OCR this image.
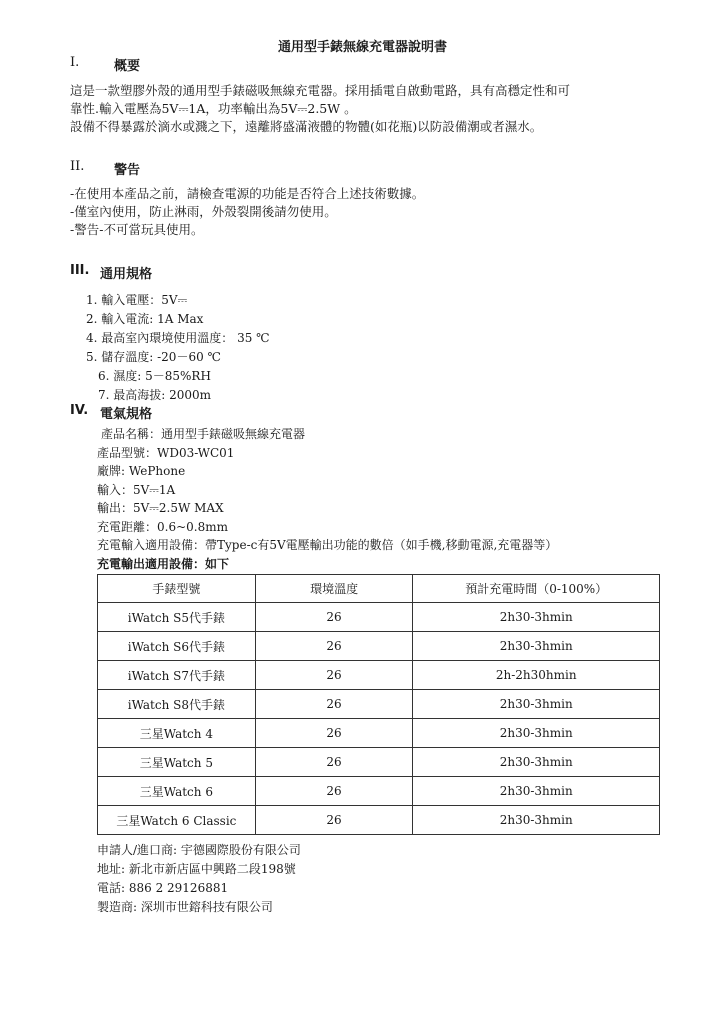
通用型手錶無線充電器說明書
I.	概要
這是一款塑膠外殼的通用型手錶磁吸無線充電器。採用插電自啟動電路，具有高穩定性和可
靠性.輸入電壓為5V⎓1A，功率輸出為5V⎓2.5W 。
設備不得暴露於滴水或濺之下，遠離將盛滿液體的物體(如花瓶)以防設備潮或者濕水。
II. 警告
-在使用本產品之前，請檢查電源的功能是否符合上述技術數據。
-僅室內使用，防止淋雨，外殼裂開後請勿使用。
-警告-不可當玩具使用。
III. 通用規格
1. 輸入電壓：5V⎓
2. 輸入電流: 1A Max
4. 最高室內環境使用溫度： 35 ℃
5. 儲存溫度: -20－60 ℃
6. 濕度: 5－85%RH
7. 最高海拔: 2000m
IV. 電氣規格
產品名稱：通用型手錶磁吸無線充電器
產品型號：WD03-WC01
廠牌: WePhone
輸入：5V⎓1A
輸出：5V⎓2.5W MAX
充電距離：0.6~0.8mm
充電輸入適用設備：帶Type-c有5V電壓輸出功能的數倍（如手機,移動電源,充電器等）
充電輸出適用設備：如下
手錶型號	環境溫度	預計充電時間（0-100%）
iWatch S5代手錶	26	2h30-3hmin
iWatch S6代手錶	26	2h30-3hmin
iWatch S7代手錶	26	2h-2h30hmin
iWatch S8代手錶	26	2h30-3hmin
三星Watch 4	26	2h30-3hmin
三星Watch 5	26	2h30-3hmin
三星Watch 6	26	2h30-3hmin
三星Watch 6 Classic	26	2h30-3hmin
申請人/進口商: 宇德國際股份有限公司
地址: 新北市新店區中興路二段198號
電話: 886 2 29126881
製造商: 深圳市世鎔科技有限公司
